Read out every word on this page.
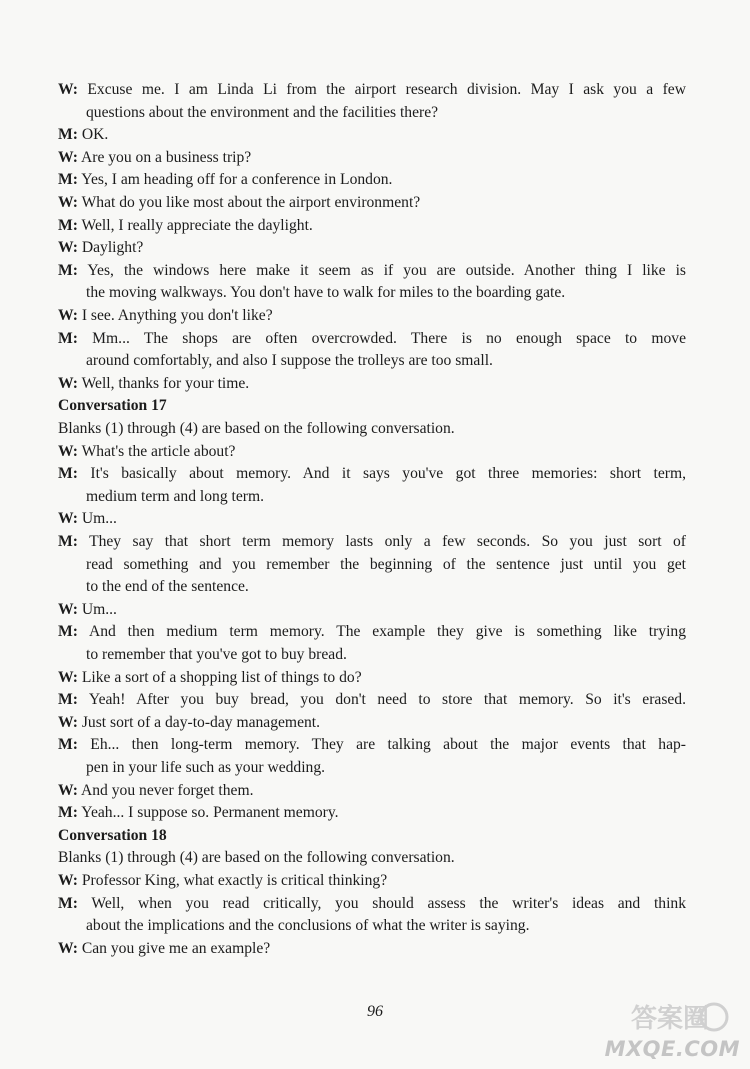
W: Excuse me. I am Linda Li from the airport research division. May I ask you a few
questions about the environment and the facilities there?
M: OK.
W: Are you on a business trip?
M: Yes, I am heading off for a conference in London.
W: What do you like most about the airport environment?
M: Well, I really appreciate the daylight.
W: Daylight?
M: Yes, the windows here make it seem as if you are outside. Another thing I like is
the moving walkways. You don't have to walk for miles to the boarding gate.
W: I see. Anything you don't like?
M: Mm... The shops are often overcrowded. There is no enough space to move
around comfortably, and also I suppose the trolleys are too small.
W: Well, thanks for your time.
Conversation 17
Blanks (1) through (4) are based on the following conversation.
W: What's the article about?
M: It's basically about memory. And it says you've got three memories: short term,
medium term and long term.
W: Um...
M: They say that short term memory lasts only a few seconds. So you just sort of
read something and you remember the beginning of the sentence just until you get
to the end of the sentence.
W: Um...
M: And then medium term memory. The example they give is something like trying
to remember that you've got to buy bread.
W: Like a sort of a shopping list of things to do?
M: Yeah! After you buy bread, you don't need to store that memory. So it's erased.
W: Just sort of a day-to-day management.
M: Eh... then long-term memory. They are talking about the major events that hap-
pen in your life such as your wedding.
W: And you never forget them.
M: Yeah... I suppose so. Permanent memory.
Conversation 18
Blanks (1) through (4) are based on the following conversation.
W: Professor King, what exactly is critical thinking?
M: Well, when you read critically, you should assess the writer's ideas and think
about the implications and the conclusions of what the writer is saying.
W: Can you give me an example?
96	答案圈
MXQE.COM
